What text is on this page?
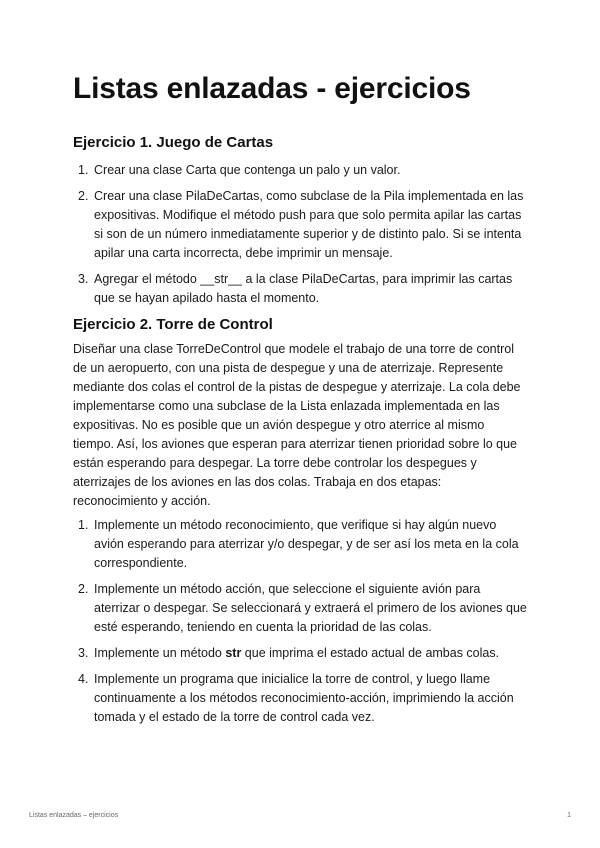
Listas enlazadas - ejercicios
Ejercicio 1. Juego de Cartas
1. Crear una clase Carta que contenga un palo y un valor.
2. Crear una clase PilaDeCartas, como subclase de la Pila implementada en las expositivas. Modifique el método push para que solo permita apilar las cartas si son de un número inmediatamente superior y de distinto palo. Si se intenta apilar una carta incorrecta, debe imprimir un mensaje.
3. Agregar el método __str__ a la clase PilaDeCartas, para imprimir las cartas que se hayan apilado hasta el momento.
Ejercicio 2. Torre de Control

Diseñar una clase TorreDeControl que modele el trabajo de una torre de control de un aeropuerto, con una pista de despegue y una de aterrizaje. Represente mediante dos colas el control de la pistas de despegue y aterrizaje. La cola debe implementarse como una subclase de la Lista enlazada implementada en las expositivas. No es posible que un avión despegue y otro aterrice al mismo tiempo. Así, los aviones que esperan para aterrizar tienen prioridad sobre lo que están esperando para despegar. La torre debe controlar los despegues y aterrizajes de los aviones en las dos colas. Trabaja en dos etapas: reconocimiento y acción.

1. Implemente un método reconocimiento, que verifique si hay algún nuevo avión esperando para aterrizar y/o despegar, y de ser así los meta en la cola correspondiente.
2. Implemente un método acción, que seleccione el siguiente avión para aterrizar o despegar. Se seleccionará y extraerá el primero de los aviones que esté esperando, teniendo en cuenta la prioridad de las colas.
3. Implemente un método str que imprima el estado actual de ambas colas.
4. Implemente un programa que inicialice la torre de control, y luego llame continuamente a los métodos reconocimiento-acción, imprimiendo la acción tomada y el estado de la torre de control cada vez.
Listas enlazadas – ejercicios	1
